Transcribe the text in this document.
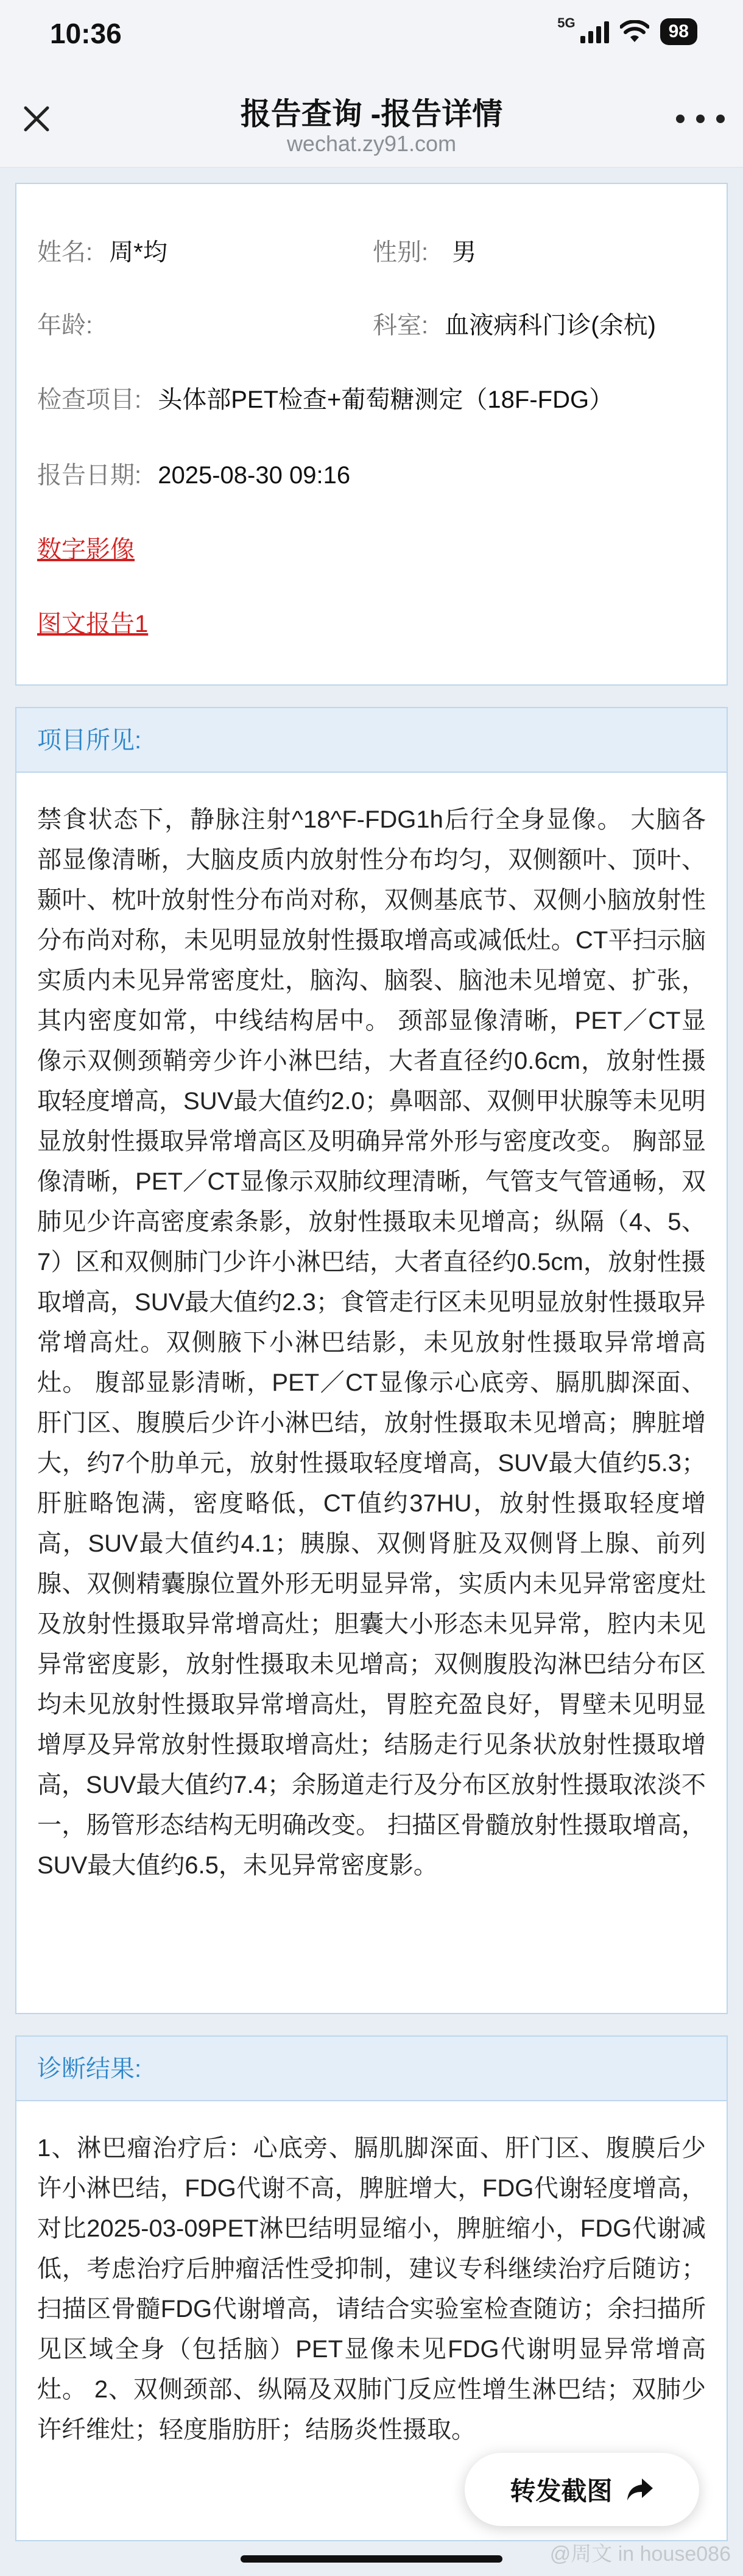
10:36	5G	98
报告查询 -报告详情
wechat.zy91.com
姓名: 周*均	性别: 男
年龄:	科室: 血液病科门诊(余杭)
检查项目: 头体部PET检查+葡萄糖测定（18F-FDG）
报告日期: 2025-08-30 09:16
数字影像
图文报告1
项目所见:
禁食状态下，静脉注射^18^F-FDG1h后行全身显像。 大脑各部显像清晰，大脑皮质内放射性分布均匀，双侧额叶、顶叶、颞叶、枕叶放射性分布尚对称，双侧基底节、双侧小脑放射性分布尚对称，未见明显放射性摄取增高或减低灶。CT平扫示脑实质内未见异常密度灶，脑沟、脑裂、脑池未见增宽、扩张，其内密度如常，中线结构居中。 颈部显像清晰，PET／CT显像示双侧颈鞘旁少许小淋巴结，大者直径约0.6cm，放射性摄取轻度增高，SUV最大值约2.0；鼻咽部、双侧甲状腺等未见明显放射性摄取异常增高区及明确异常外形与密度改变。 胸部显像清晰，PET／CT显像示双肺纹理清晰，气管支气管通畅，双肺见少许高密度索条影，放射性摄取未见增高；纵隔（4、5、7）区和双侧肺门少许小淋巴结，大者直径约0.5cm，放射性摄取增高，SUV最大值约2.3；食管走行区未见明显放射性摄取异常增高灶。双侧腋下小淋巴结影，未见放射性摄取异常增高灶。 腹部显影清晰，PET／CT显像示心底旁、膈肌脚深面、肝门区、腹膜后少许小淋巴结，放射性摄取未见增高；脾脏增大，约7个肋单元，放射性摄取轻度增高，SUV最大值约5.3；肝脏略饱满，密度略低，CT值约37HU，放射性摄取轻度增高，SUV最大值约4.1；胰腺、双侧肾脏及双侧肾上腺、前列腺、双侧精囊腺位置外形无明显异常，实质内未见异常密度灶及放射性摄取异常增高灶；胆囊大小形态未见异常，腔内未见异常密度影，放射性摄取未见增高；双侧腹股沟淋巴结分布区均未见放射性摄取异常增高灶，胃腔充盈良好，胃壁未见明显增厚及异常放射性摄取增高灶；结肠走行见条状放射性摄取增高，SUV最大值约7.4；余肠道走行及分布区放射性摄取浓淡不一，肠管形态结构无明确改变。 扫描区骨髓放射性摄取增高，SUV最大值约6.5，未见异常密度影。
诊断结果:
1、淋巴瘤治疗后：心底旁、膈肌脚深面、肝门区、腹膜后少许小淋巴结，FDG代谢不高，脾脏增大，FDG代谢轻度增高，对比2025-03-09PET淋巴结明显缩小，脾脏缩小，FDG代谢减低，考虑治疗后肿瘤活性受抑制，建议专科继续治疗后随访；扫描区骨髓FDG代谢增高，请结合实验室检查随访；余扫描所见区域全身（包括脑）PET显像未见FDG代谢明显异常增高灶。 2、双侧颈部、纵隔及双肺门反应性增生淋巴结；双肺少许纤维灶；轻度脂肪肝；结肠炎性摄取。
转发截图
@周文 in house086
